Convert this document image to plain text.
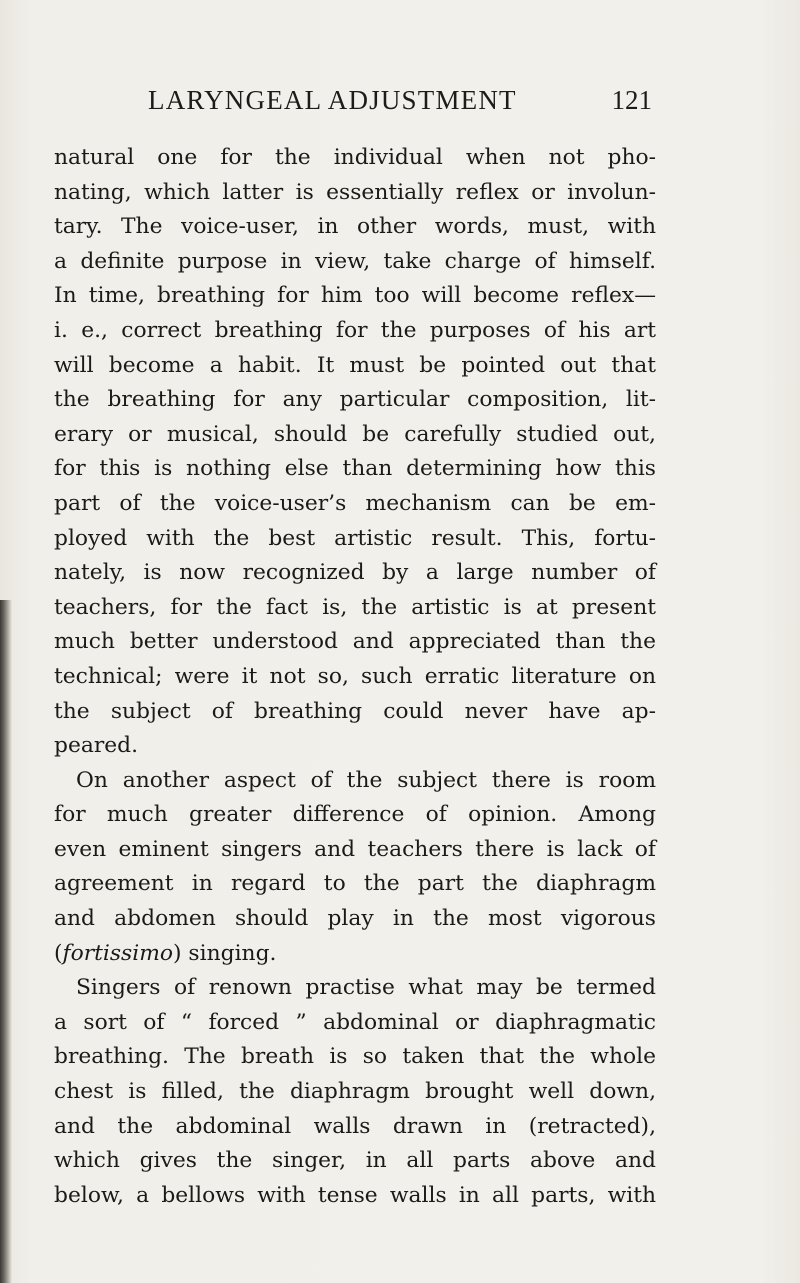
LARYNGEAL ADJUSTMENT	121
natural one for the individual when not pho-
nating, which latter is essentially reflex or involun-
tary. The voice-user, in other words, must, with
a definite purpose in view, take charge of himself.
In time, breathing for him too will become reflex—
i. e., correct breathing for the purposes of his art
will become a habit. It must be pointed out that
the breathing for any particular composition, lit-
erary or musical, should be carefully studied out,
for this is nothing else than determining how this
part of the voice-user’s mechanism can be em-
ployed with the best artistic result. This, fortu-
nately, is now recognized by a large number of
teachers, for the fact is, the artistic is at present
much better understood and appreciated than the
technical; were it not so, such erratic literature on
the subject of breathing could never have ap-
peared.
On another aspect of the subject there is room
for much greater difference of opinion. Among
even eminent singers and teachers there is lack of
agreement in regard to the part the diaphragm
and abdomen should play in the most vigorous
(fortissimo) singing.
Singers of renown practise what may be termed
a sort of “ forced ” abdominal or diaphragmatic
breathing. The breath is so taken that the whole
chest is filled, the diaphragm brought well down,
and the abdominal walls drawn in (retracted),
which gives the singer, in all parts above and
below, a bellows with tense walls in all parts, with
